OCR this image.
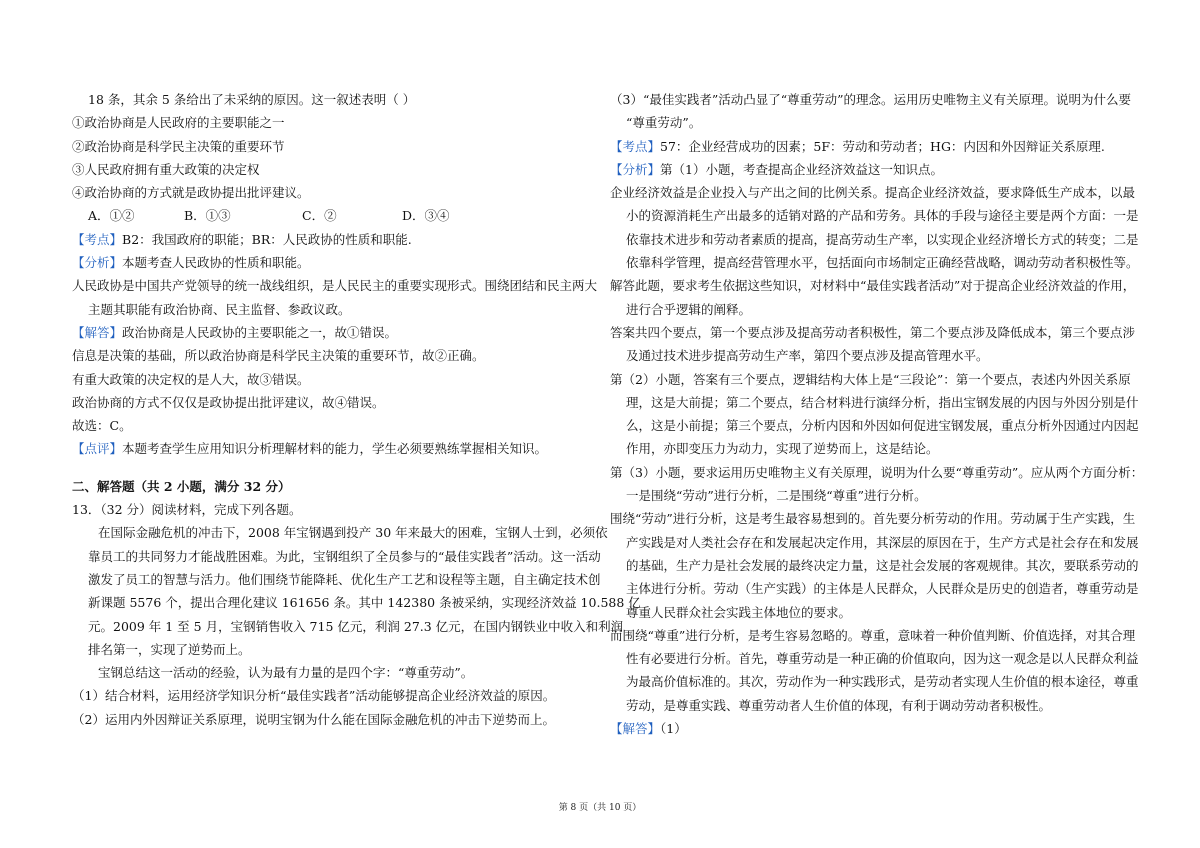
18 条，其余 5 条给出了未采纳的原因。这一叙述表明（ ）
①政治协商是人民政府的主要职能之一
②政治协商是科学民主决策的重要环节
③人民政府拥有重大政策的决定权
④政治协商的方式就是政协提出批评建议。
A．①②	B．①③	C．②	D．③④
【考点】B2：我国政府的职能；BR：人民政协的性质和职能.
【分析】本题考查人民政协的性质和职能。
人民政协是中国共产党领导的统一战线组织，是人民民主的重要实现形式。围绕团结和民主两大
主题其职能有政治协商、民主监督、参政议政。
【解答】政治协商是人民政协的主要职能之一，故①错误。
信息是决策的基础，所以政治协商是科学民主决策的重要环节，故②正确。
有重大政策的决定权的是人大，故③错误。
政治协商的方式不仅仅是政协提出批评建议，故④错误。
故选：C。
【点评】本题考查学生应用知识分析理解材料的能力，学生必须要熟练掌握相关知识。
二、解答题（共 2 小题，满分 32 分）
13．（32 分）阅读材料，完成下列各题。
在国际金融危机的冲击下，2008 年宝钢遇到投产 30 年来最大的困难，宝钢人士到，必须依
靠员工的共同努力才能战胜困难。为此，宝钢组织了全员参与的“最佳实践者”活动。这一活动
激发了员工的智慧与活力。他们围绕节能降耗、优化生产工艺和设程等主题，自主确定技术创
新课题 5576 个，提出合理化建议 161656 条。其中 142380 条被采纳，实现经济效益 10.588 亿
元。2009 年 1 至 5 月，宝钢销售收入 715 亿元，利润 27.3 亿元，在国内钢铁业中收入和利润
排名第一，实现了逆势而上。
宝钢总结这一活动的经验，认为最有力量的是四个字：“尊重劳动”。
（1）结合材料，运用经济学知识分析“最佳实践者”活动能够提高企业经济效益的原因。
（2）运用内外因辩证关系原理，说明宝钢为什么能在国际金融危机的冲击下逆势而上。
（3）“最佳实践者”活动凸显了“尊重劳动”的理念。运用历史唯物主义有关原理。说明为什么要
“尊重劳动”。
【考点】57：企业经营成功的因素；5F：劳动和劳动者；HG：内因和外因辩证关系原理.
【分析】第（1）小题，考查提高企业经济效益这一知识点。
企业经济效益是企业投入与产出之间的比例关系。提高企业经济效益，要求降低生产成本，以最
小的资源消耗生产出最多的适销对路的产品和劳务。具体的手段与途径主要是两个方面：一是
依靠技术进步和劳动者素质的提高，提高劳动生产率，以实现企业经济增长方式的转变；二是
依靠科学管理，提高经营管理水平，包括面向市场制定正确经营战略，调动劳动者积极性等。
解答此题，要求考生依据这些知识，对材料中“最佳实践者活动”对于提高企业经济效益的作用，
进行合乎逻辑的阐释。
答案共四个要点，第一个要点涉及提高劳动者积极性，第二个要点涉及降低成本，第三个要点涉
及通过技术进步提高劳动生产率，第四个要点涉及提高管理水平。
第（2）小题，答案有三个要点，逻辑结构大体上是“三段论”：第一个要点，表述内外因关系原
理，这是大前提；第二个要点，结合材料进行演绎分析，指出宝钢发展的内因与外因分别是什
么，这是小前提；第三个要点，分析内因和外因如何促进宝钢发展，重点分析外因通过内因起
作用，亦即变压力为动力，实现了逆势而上，这是结论。
第（3）小题，要求运用历史唯物主义有关原理，说明为什么要“尊重劳动”。应从两个方面分析：
一是围绕“劳动”进行分析，二是围绕“尊重”进行分析。
围绕“劳动”进行分析，这是考生最容易想到的。首先要分析劳动的作用。劳动属于生产实践，生
产实践是对人类社会存在和发展起决定作用，其深层的原因在于，生产方式是社会存在和发展
的基础，生产力是社会发展的最终决定力量，这是社会发展的客观规律。其次，要联系劳动的
主体进行分析。劳动（生产实践）的主体是人民群众，人民群众是历史的创造者，尊重劳动是
尊重人民群众社会实践主体地位的要求。
而围绕“尊重”进行分析，是考生容易忽略的。尊重，意味着一种价值判断、价值选择，对其合理
性有必要进行分析。首先，尊重劳动是一种正确的价值取向，因为这一观念是以人民群众利益
为最高价值标准的。其次，劳动作为一种实践形式，是劳动者实现人生价值的根本途径，尊重
劳动，是尊重实践、尊重劳动者人生价值的体现，有利于调动劳动者积极性。
【解答】（1）
第 8 页（共 10 页）
